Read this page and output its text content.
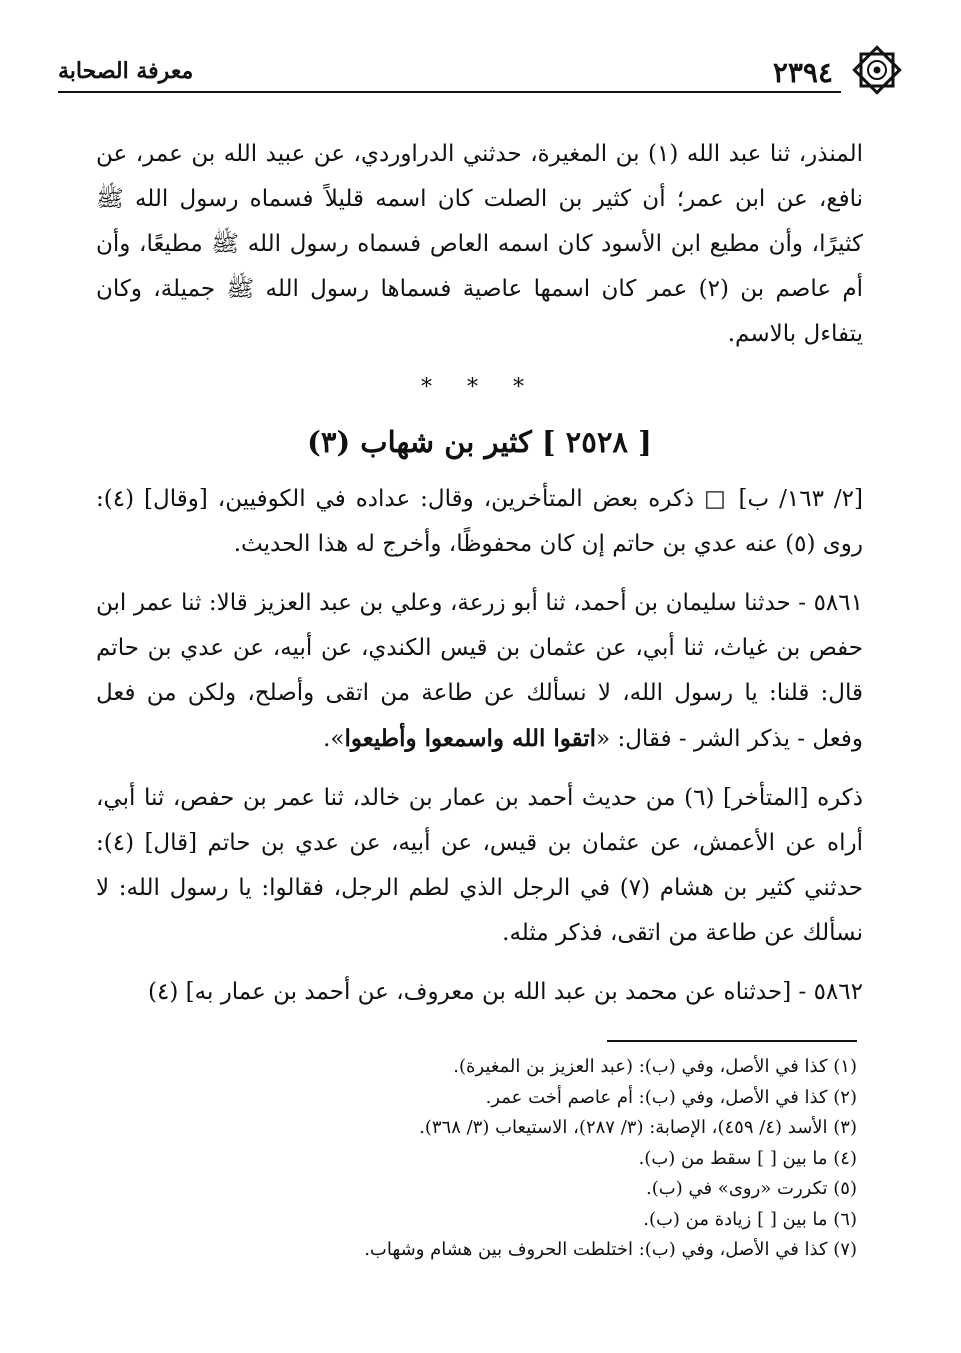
٢٣٩٤
معرفة الصحابة

المنذر، ثنا عبد الله (١) بن المغيرة، حدثني الدراوردي، عن عبيد الله بن عمر، عن نافع، عن ابن عمر؛ أن كثير بن الصلت كان اسمه قليلاً فسماه رسول الله ﷺ كثيرًا، وأن مطيع ابن الأسود كان اسمه العاص فسماه رسول الله ﷺ مطيعًا، وأن أم عاصم بن (٢) عمر كان اسمها عاصية فسماها رسول الله ﷺ جميلة، وكان يتفاءل بالاسم.

* * *
[ ٢٥٢٨ ] كثير بن شهاب (٣)

[٢/ ١٦٣/ ب] □ ذكره بعض المتأخرين، وقال: عداده في الكوفيين، [وقال] (٤): روى (٥) عنه عدي بن حاتم إن كان محفوظًا، وأخرج له هذا الحديث.

٥٨٦١ - حدثنا سليمان بن أحمد، ثنا أبو زرعة، وعلي بن عبد العزيز قالا: ثنا عمر ابن حفص بن غياث، ثنا أبي، عن عثمان بن قيس الكندي، عن أبيه، عن عدي بن حاتم قال: قلنا: يا رسول الله، لا نسألك عن طاعة من اتقى وأصلح، ولكن من فعل وفعل - يذكر الشر - فقال: «اتقوا الله واسمعوا وأطيعوا».

ذكره [المتأخر] (٦) من حديث أحمد بن عمار بن خالد، ثنا عمر بن حفص، ثنا أبي، أراه عن الأعمش، عن عثمان بن قيس، عن أبيه، عن عدي بن حاتم [قال] (٤): حدثني كثير بن هشام (٧) في الرجل الذي لطم الرجل، فقالوا: يا رسول الله: لا نسألك عن طاعة من اتقى، فذكر مثله.

٥٨٦٢ - [حدثناه عن محمد بن عبد الله بن معروف، عن أحمد بن عمار به] (٤)

(١) كذا في الأصل، وفي (ب): (عبد العزيز بن المغيرة).

(٢) كذا في الأصل، وفي (ب): أم عاصم أخت عمر.

(٣) الأسد (٤/ ٤٥٩)، الإصابة: (٣/ ٢٨٧)، الاستيعاب (٣/ ٣٦٨).

(٤) ما بين [ ] سقط من (ب).

(٥) تكررت «روى» في (ب).

(٦) ما بين [ ] زيادة من (ب).

(٧) كذا في الأصل، وفي (ب): اختلطت الحروف بين هشام وشهاب.
